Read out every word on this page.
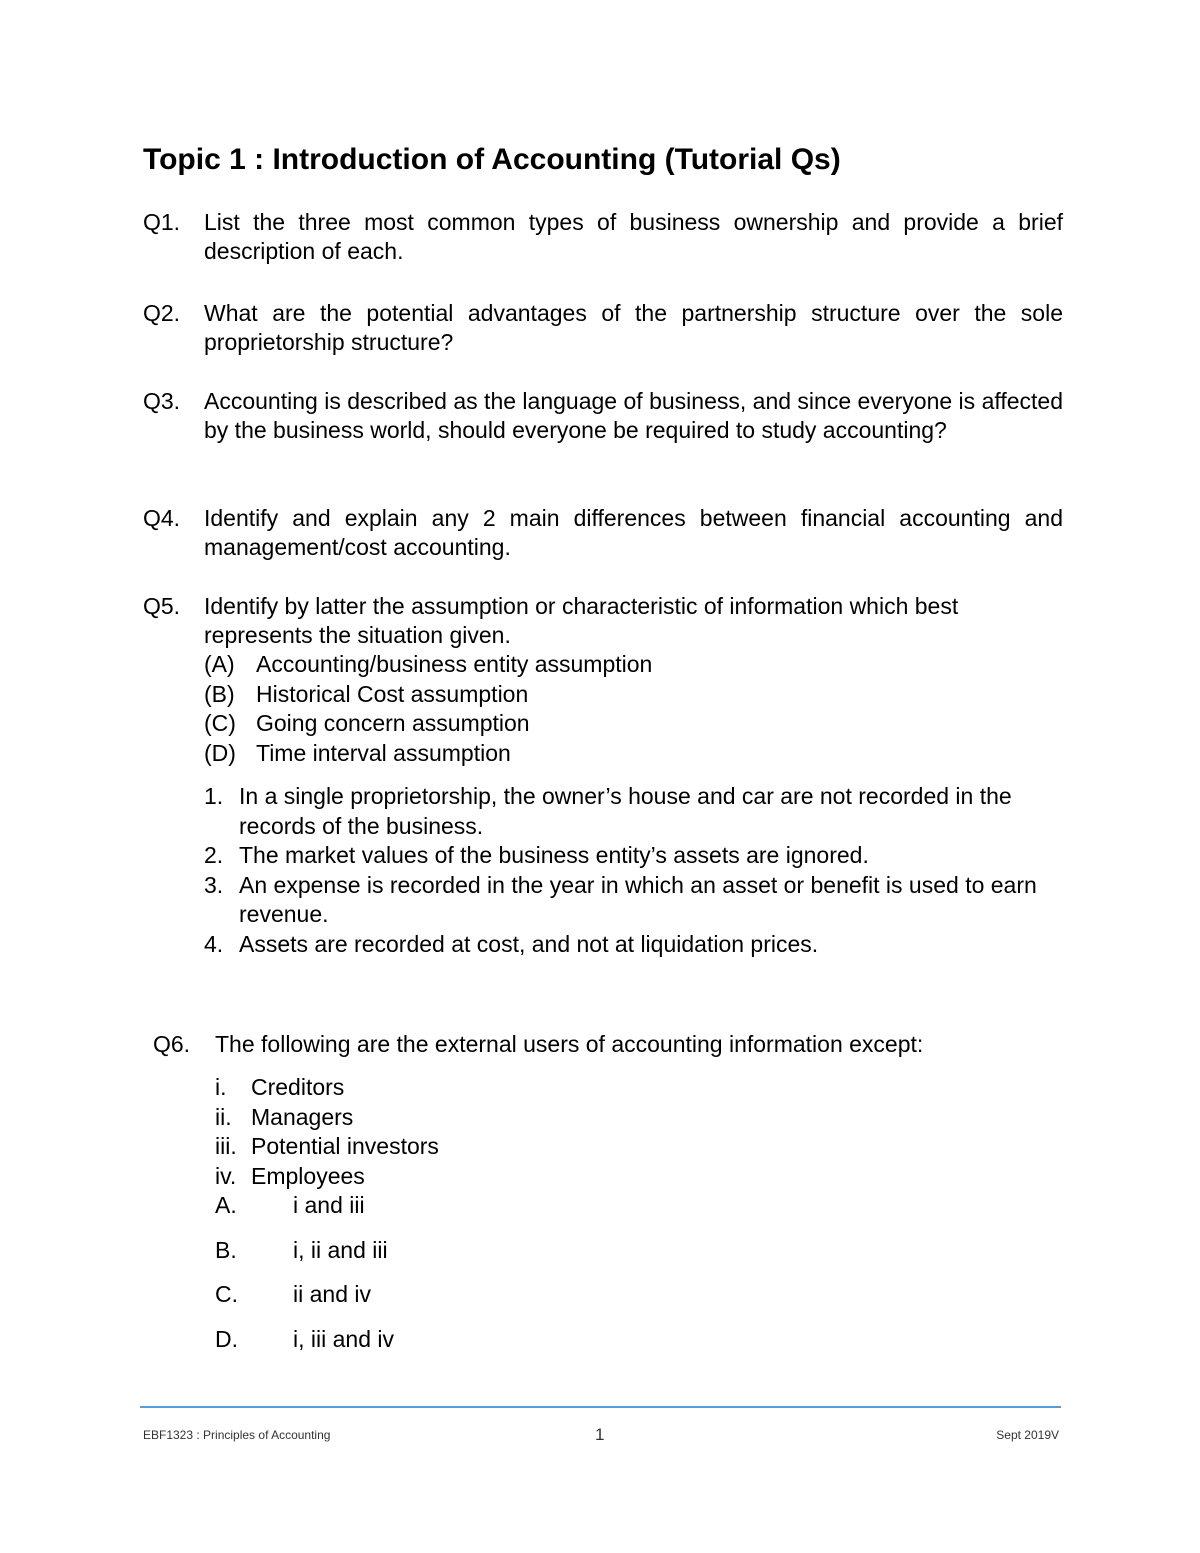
Topic 1 : Introduction of Accounting (Tutorial Qs)
Q1. List the three most common types of business ownership and provide a brief description of each.
Q2. What are the potential advantages of the partnership structure over the sole proprietorship structure?
Q3. Accounting is described as the language of business, and since everyone is affected by the business world, should everyone be required to study accounting?
Q4. Identify and explain any 2 main differences between financial accounting and management/cost accounting.
Q5. Identify by latter the assumption or characteristic of information which best represents the situation given.
(A) Accounting/business entity assumption
(B) Historical Cost assumption
(C) Going concern assumption
(D) Time interval assumption
1. In a single proprietorship, the owner’s house and car are not recorded in the records of the business.
2. The market values of the business entity’s assets are ignored.
3. An expense is recorded in the year in which an asset or benefit is used to earn revenue.
4. Assets are recorded at cost, and not at liquidation prices.
Q6. The following are the external users of accounting information except:
i.	Creditors
ii. Managers
iii. Potential investors
iv. Employees
A.	i and iii
B.	i, ii and iii
C.	ii and iv
D.	i, iii and iv
EBF1323 : Principles of Accounting	1	Sept 2019V
